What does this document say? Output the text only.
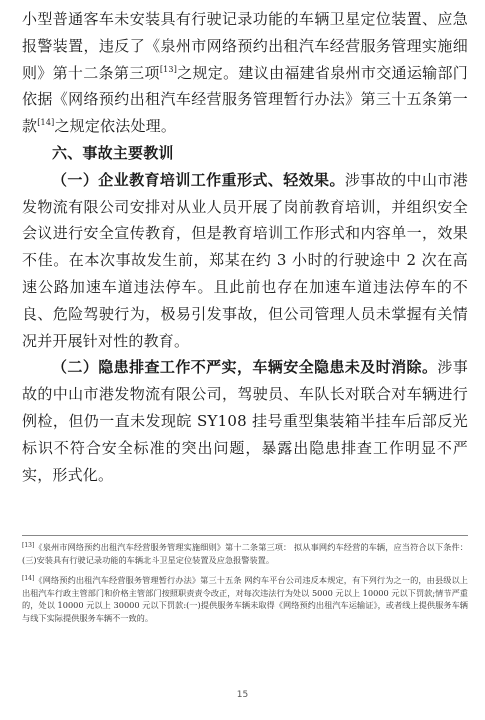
小型普通客车未安装具有行驶记录功能的车辆卫星定位装置、应急报警装置，违反了《泉州市网络预约出租汽车经营服务管理实施细则》第十二条第三项[13]之规定。建议由福建省泉州市交通运输部门依据《网络预约出租汽车经营服务管理暂行办法》第三十五条第一款[14]之规定依法处理。

六、事故主要教训

（一）企业教育培训工作重形式、轻效果。涉事故的中山市港发物流有限公司安排对从业人员开展了岗前教育培训，并组织安全会议进行安全宣传教育，但是教育培训工作形式和内容单一，效果不佳。在本次事故发生前，郑某在约 3 小时的行驶途中 2 次在高速公路加速车道违法停车。且此前也存在加速车道违法停车的不良、危险驾驶行为，极易引发事故，但公司管理人员未掌握有关情况并开展针对性的教育。

（二）隐患排查工作不严实，车辆安全隐患未及时消除。涉事故的中山市港发物流有限公司，驾驶员、车队长对联合对车辆进行例检，但仍一直未发现皖 SY108 挂号重型集装箱半挂车后部反光标识不符合安全标准的突出问题，暴露出隐患排查工作明显不严实，形式化。

[13]《泉州市网络预约出租汽车经营服务管理实施细则》第十二条第三项： 拟从事网约车经营的车辆，应当符合以下条件：(三)安装具有行驶记录功能的车辆北斗卫星定位装置及应急报警装置。

[14]《网络预约出租汽车经营服务管理暂行办法》第三十五条 网约车平台公司违反本规定，有下列行为之一的，由县级以上出租汽车行政主管部门和价格主管部门按照职责责令改正，对每次违法行为处以 5000 元以上 10000 元以下罚款;情节严重的，处以 10000 元以上 30000 元以下罚款:(一)提供服务车辆未取得《网络预约出租汽车运输证》，或者线上提供服务车辆与线下实际提供服务车辆不一致的。

15
